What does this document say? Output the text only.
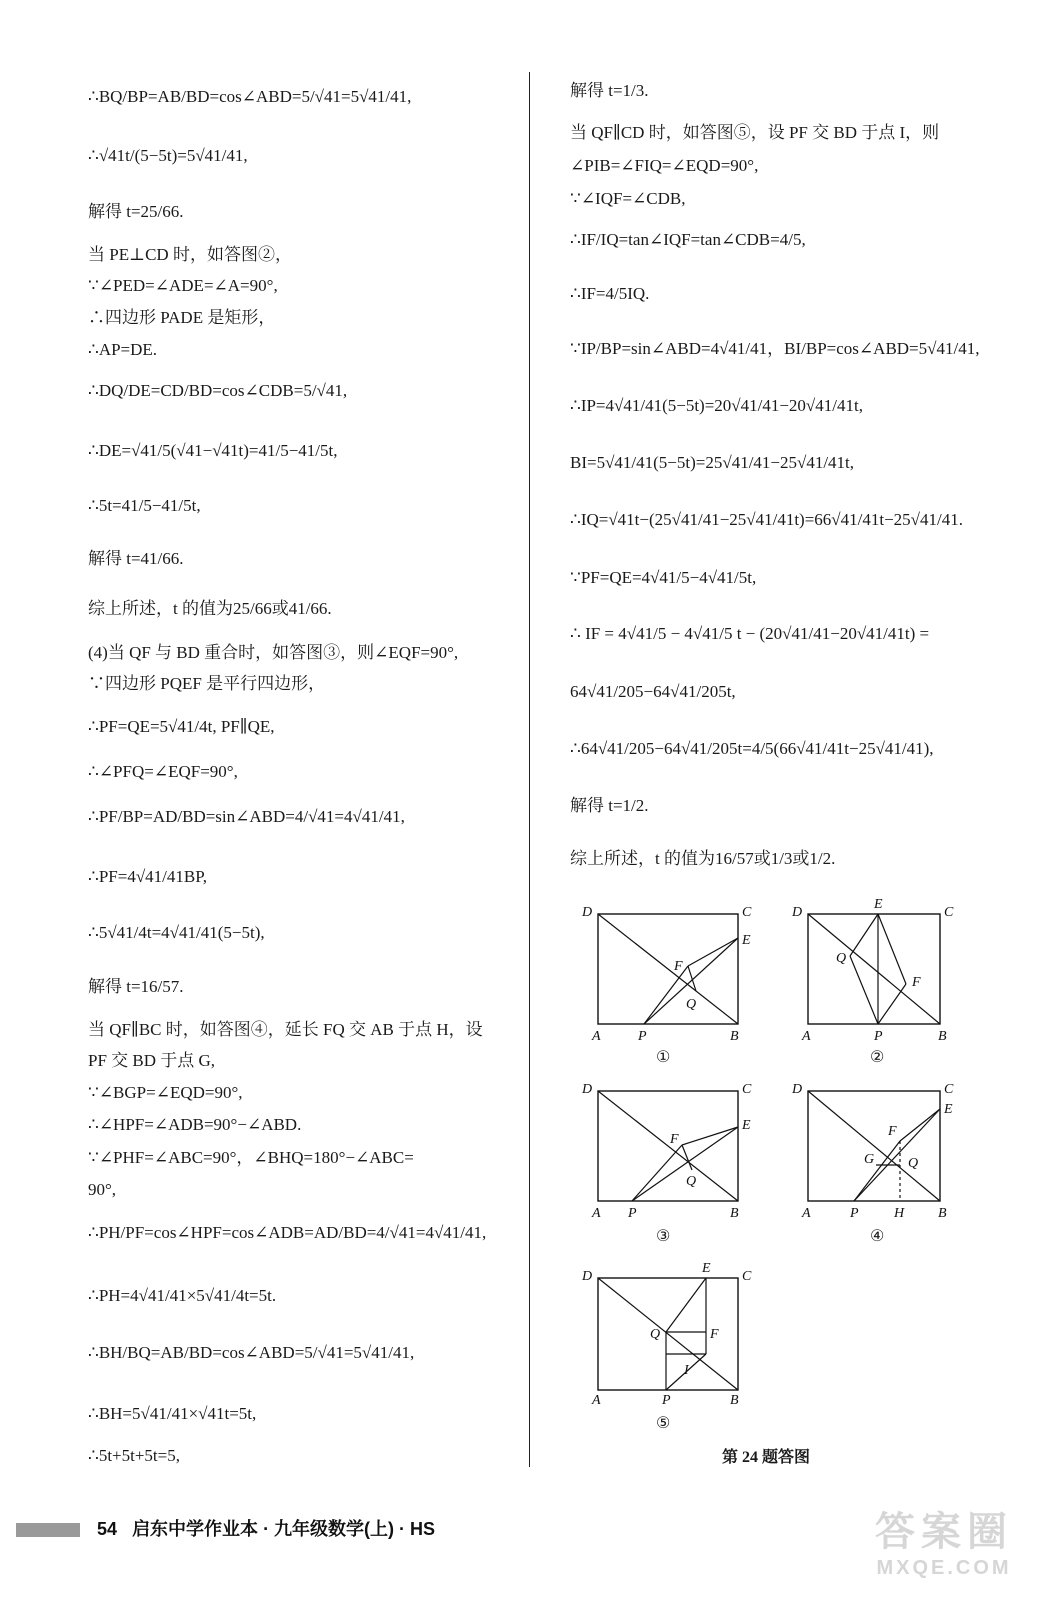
∴BQ/BP=AB/BD=cos∠ABD=5/√41=5√41/41,
∴√41t/(5−5t)=5√41/41,
解得 t=25/66.
当 PE⊥CD 时，如答图②，
∵∠PED=∠ADE=∠A=90°,
∴四边形 PADE 是矩形，
∴AP=DE.
∴DQ/DE=CD/BD=cos∠CDB=5/√41,
∴DE=√41/5(√41−√41t)=41/5−41/5t,
∴5t=41/5−41/5t,
解得 t=41/66.
综上所述，t 的值为25/66或41/66.
(4)当 QF 与 BD 重合时，如答图③，则∠EQF=90°,
∵四边形 PQEF 是平行四边形，
∴PF=QE=5√41/4t, PF∥QE,
∴∠PFQ=∠EQF=90°,
∴PF/BP=AD/BD=sin∠ABD=4/√41=4√41/41,
∴PF=4√41/41BP,
∴5√41/4t=4√41/41(5−5t),
解得 t=16/57.
当 QF∥BC 时，如答图④，延长 FQ 交 AB 于点 H，设
PF 交 BD 于点 G,
∵∠BGP=∠EQD=90°,
∴∠HPF=∠ADB=90°−∠ABD.
∵∠PHF=∠ABC=90°，∠BHQ=180°−∠ABC=
90°,
∴PH/PF=cos∠HPF=cos∠ADB=AD/BD=4/√41=4√41/41,
∴PH=4√41/41×5√41/4t=5t.
∴BH/BQ=AB/BD=cos∠ABD=5/√41=5√41/41,
∴BH=5√41/41×√41t=5t,
∴5t+5t+5t=5,
解得 t=1/3.
当 QF∥CD 时，如答图⑤，设 PF 交 BD 于点 I，则
∠PIB=∠FIQ=∠EQD=90°,
∵∠IQF=∠CDB,
∴IF/IQ=tan∠IQF=tan∠CDB=4/5,
∴IF=4/5IQ.
∵IP/BP=sin∠ABD=4√41/41，BI/BP=cos∠ABD=5√41/41,
∴IP=4√41/41(5−5t)=20√41/41−20√41/41t,
BI=5√41/41(5−5t)=25√41/41−25√41/41t,
∴IQ=√41t−(25√41/41−25√41/41t)=66√41/41t−25√41/41.
∵PF=QE=4√41/5−4√41/5t,
∴ IF = 4√41/5 − 4√41/5 t − (20√41/41−20√41/41t) =
64√41/205−64√41/205t,
∴64√41/205−64√41/205t=4/5(66√41/41t−25√41/41),
解得 t=1/2.
综上所述，t 的值为16/57或1/3或1/2.
D	C
E
F
Q
A	P	B
①
D	C
E
Q
F
A	P	B
②
D	C
E
F
Q
A P	B
③
D	C
E
F
G Q
A	P	H B
④
D	C
E
Q	F
I
A	P	B
⑤
第 24 题答图
54 启东中学作业本 · 九年级数学(上) · HS	答案圈
MXQE.COM
